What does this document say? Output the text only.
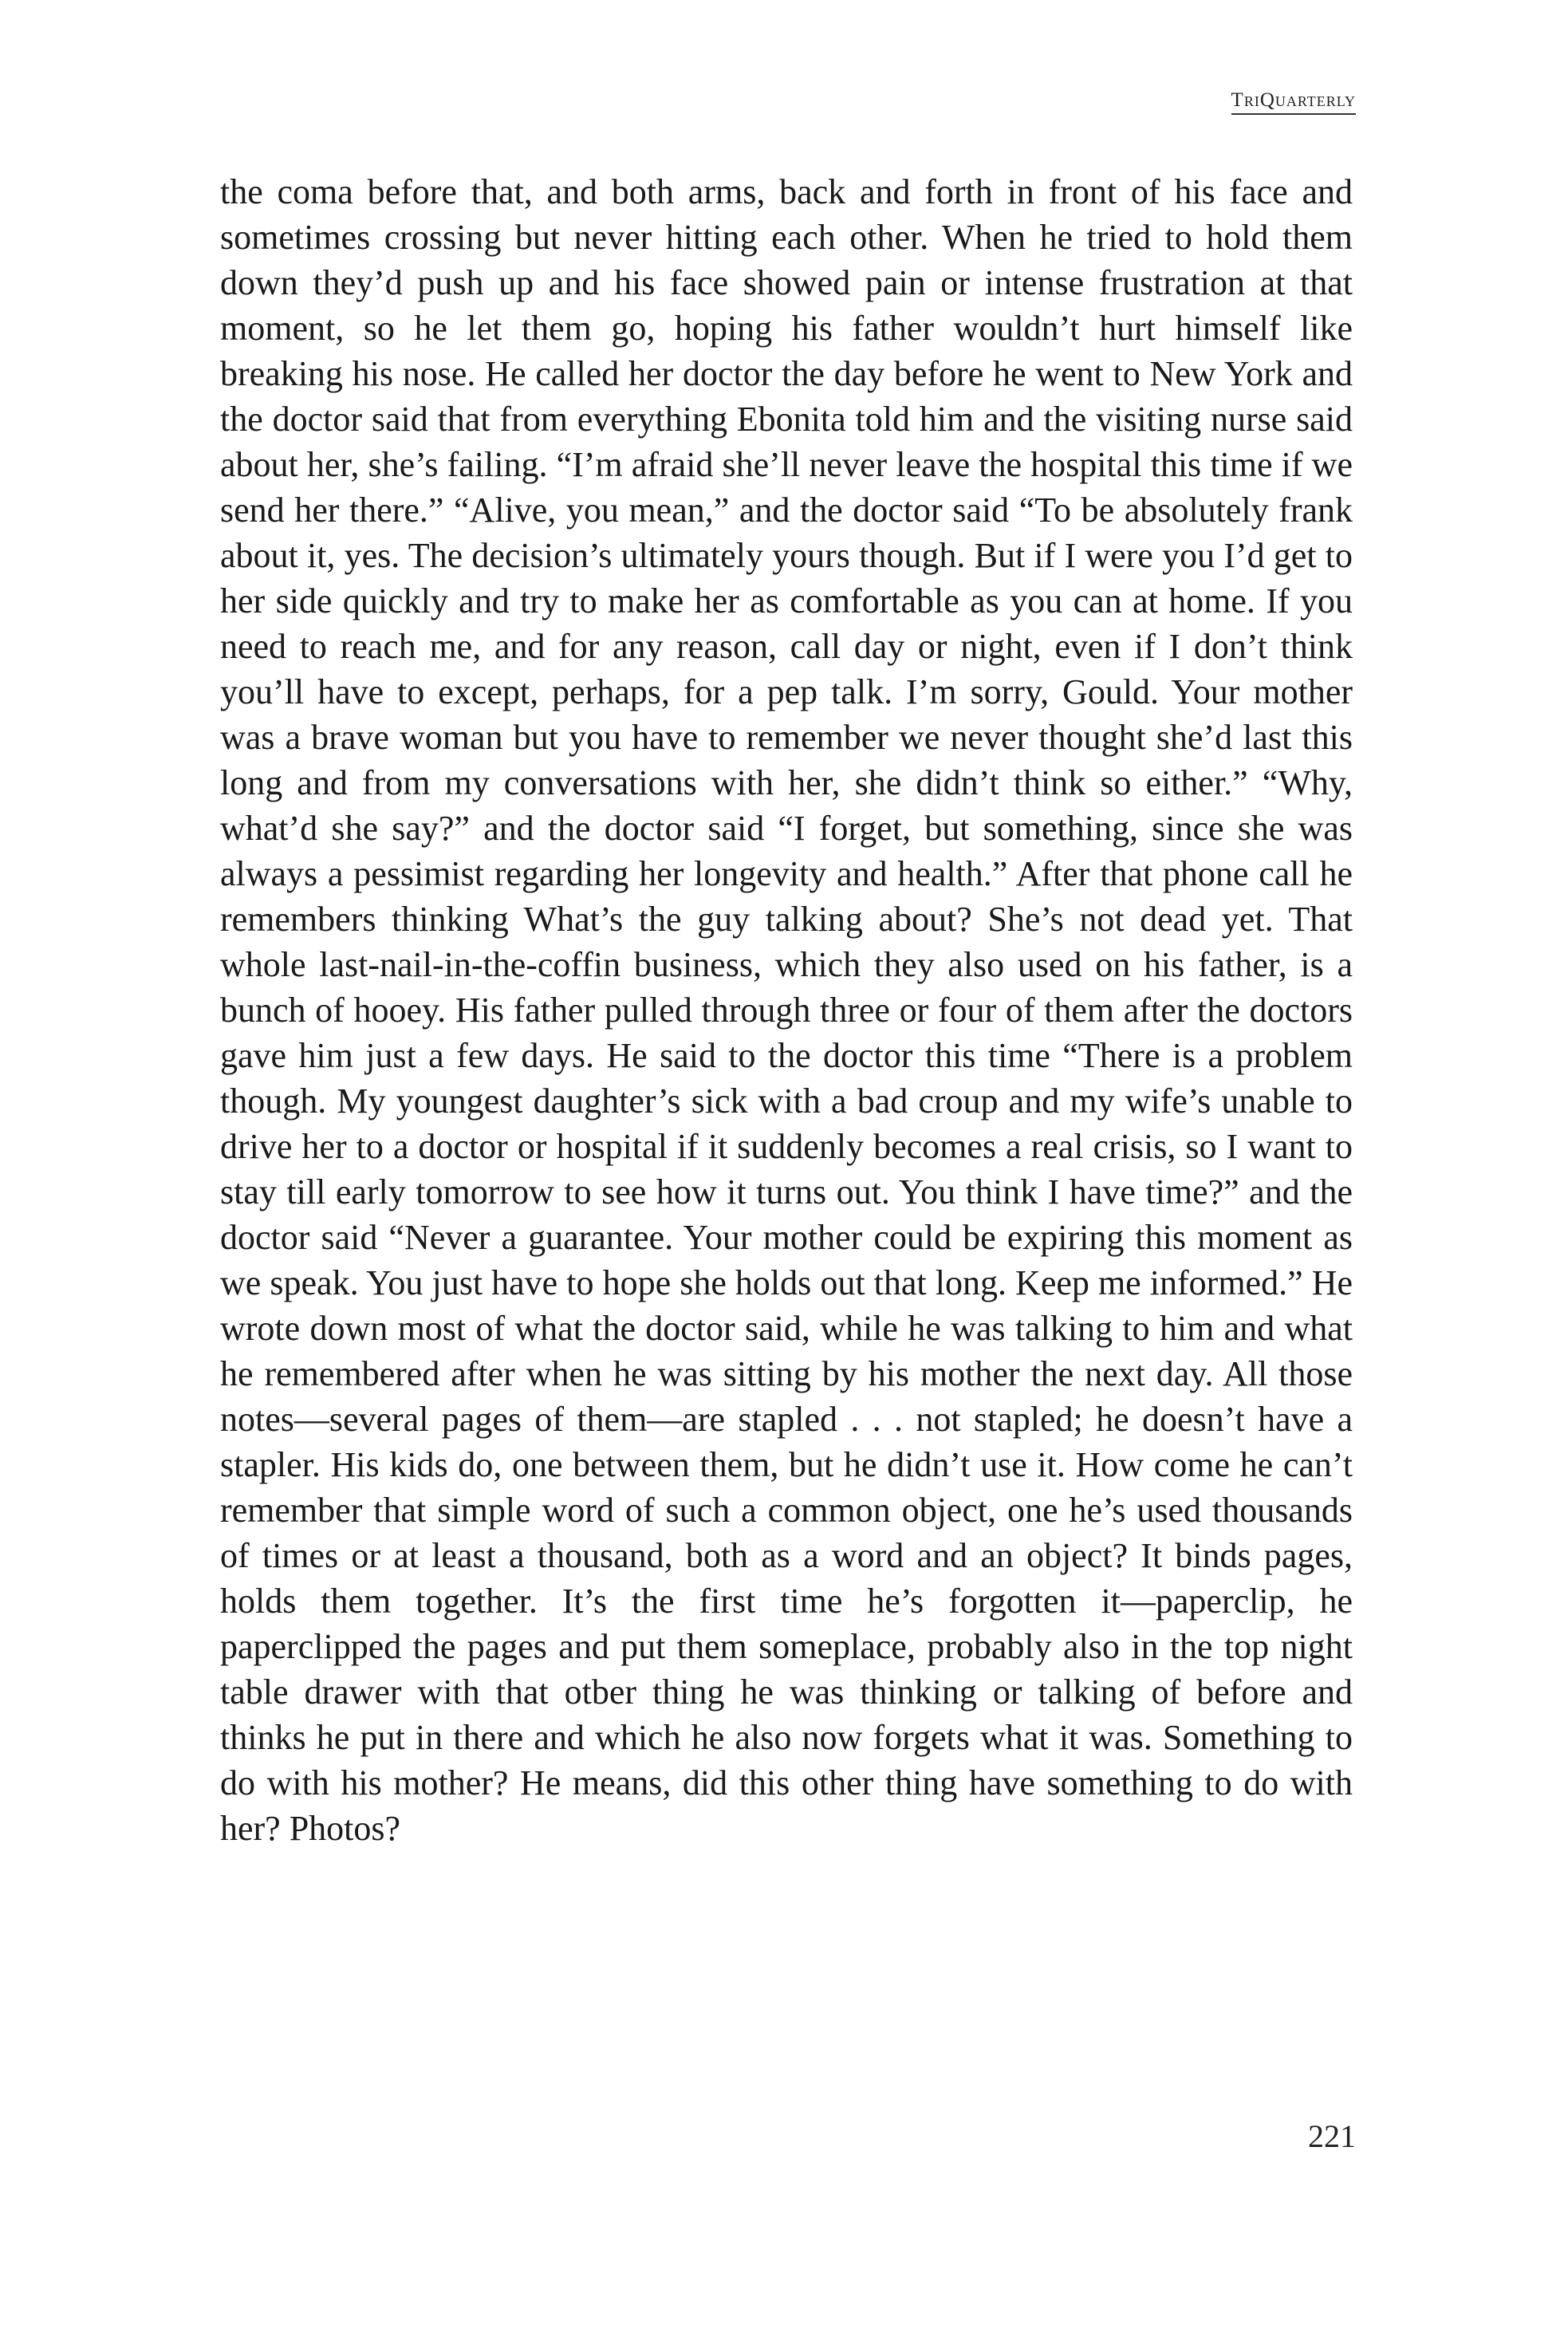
TRIQUARTERLY

the coma before that, and both arms, back and forth in front of his face and sometimes crossing but never hitting each other. When he tried to hold them down they’d push up and his face showed pain or intense frustration at that moment, so he let them go, hoping his father wouldn’t hurt himself like breaking his nose. He called her doctor the day before he went to New York and the doctor said that from everything Ebonita told him and the visiting nurse said about her, she’s failing. “I’m afraid she’ll never leave the hospital this time if we send her there.” “Alive, you mean,” and the doctor said “To be absolutely frank about it, yes. The decision’s ultimately yours though. But if I were you I’d get to her side quickly and try to make her as comfortable as you can at home. If you need to reach me, and for any reason, call day or night, even if I don’t think you’ll have to except, perhaps, for a pep talk. I’m sorry, Gould. Your mother was a brave woman but you have to remember we never thought she’d last this long and from my conversations with her, she didn’t think so either.” “Why, what’d she say?” and the doctor said “I forget, but something, since she was always a pessimist regarding her longevity and health.” After that phone call he remembers thinking What’s the guy talking about? She’s not dead yet. That whole last-nail-in-the-coffin business, which they also used on his father, is a bunch of hooey. His father pulled through three or four of them after the doctors gave him just a few days. He said to the doctor this time “There is a problem though. My youngest daughter’s sick with a bad croup and my wife’s unable to drive her to a doctor or hospital if it suddenly becomes a real crisis, so I want to stay till early tomorrow to see how it turns out. You think I have time?” and the doctor said “Never a guarantee. Your mother could be expiring this moment as we speak. You just have to hope she holds out that long. Keep me informed.” He wrote down most of what the doctor said, while he was talking to him and what he remembered after when he was sitting by his mother the next day. All those notes—several pages of them—are stapled . . . not stapled; he doesn’t have a stapler. His kids do, one between them, but he didn’t use it. How come he can’t remember that simple word of such a common object, one he’s used thousands of times or at least a thousand, both as a word and an object? It binds pages, holds them together. It’s the first time he’s forgotten it—paperclip, he paperclipped the pages and put them someplace, probably also in the top night table drawer with that otber thing he was thinking or talking of before and thinks he put in there and which he also now forgets what it was. Something to do with his mother? He means, did this other thing have something to do with her? Photos?

221
